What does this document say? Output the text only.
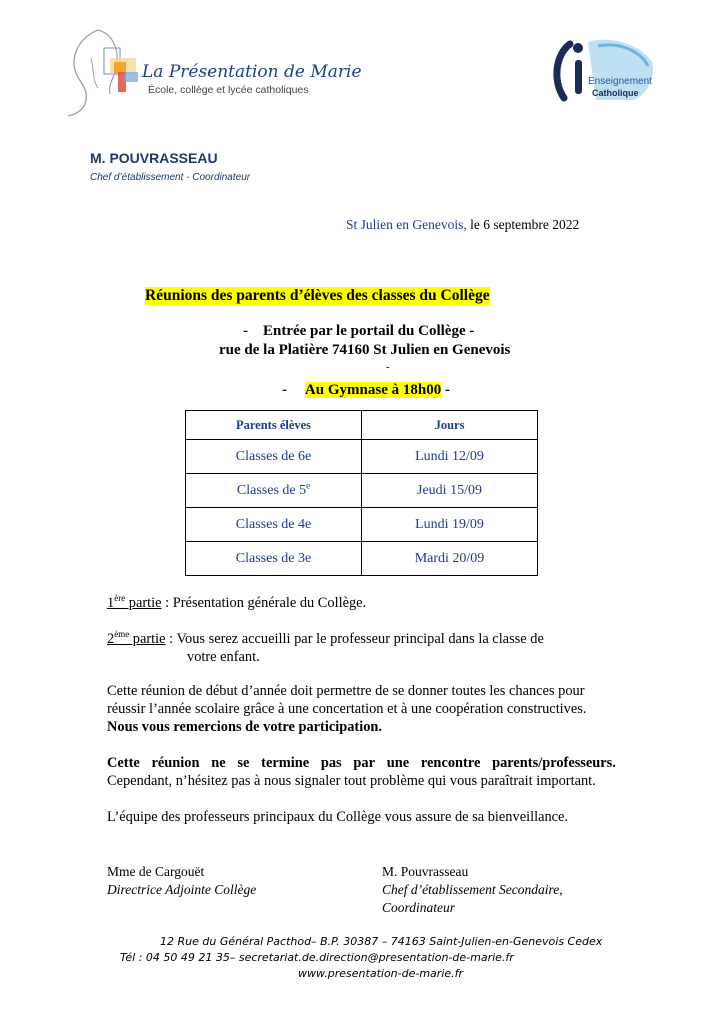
La Présentation de Marie
École, collège et lycée catholiques
Enseignement
Catholique
M. POUVRASSEAU
Chef d’établissement - Coordinateur
St Julien en Genevois, le 6 septembre 2022
Réunions des parents d’élèves des classes du Collège
-    Entrée par le portail du Collège -
rue de la Platière 74160 St Julien en Genevois
-
-     Au Gymnase à 18h00 -
Parents élèves	Jours
Classes de 6e	Lundi 12/09
Classes de 5e	Jeudi 15/09
Classes de 4e	Lundi 19/09
Classes de 3e	Mardi 20/09
1ère partie : Présentation générale du Collège.
2ème partie : Vous serez accueilli par le professeur principal dans la classe de
votre enfant.
Cette réunion de début d’année doit permettre de se donner toutes les chances pour
réussir l’année scolaire grâce à une concertation et à une coopération constructives.
Nous vous remercions de votre participation.
Cette réunion ne se termine pas par une rencontre parents/professeurs.
Cependant, n’hésitez pas à nous signaler tout problème qui vous paraîtrait important.
L’équipe des professeurs principaux du Collège vous assure de sa bienveillance.
Mme de Cargouët
Directrice Adjointe Collège
M. Pouvrasseau
Chef d’établissement Secondaire,
Coordinateur
12 Rue du Général Pacthod– B.P. 30387 – 74163 Saint-Julien-en-Genevois Cedex
Tél : 04 50 49 21 35– secretariat.de.direction@presentation-de-marie.fr
www.presentation-de-marie.fr
